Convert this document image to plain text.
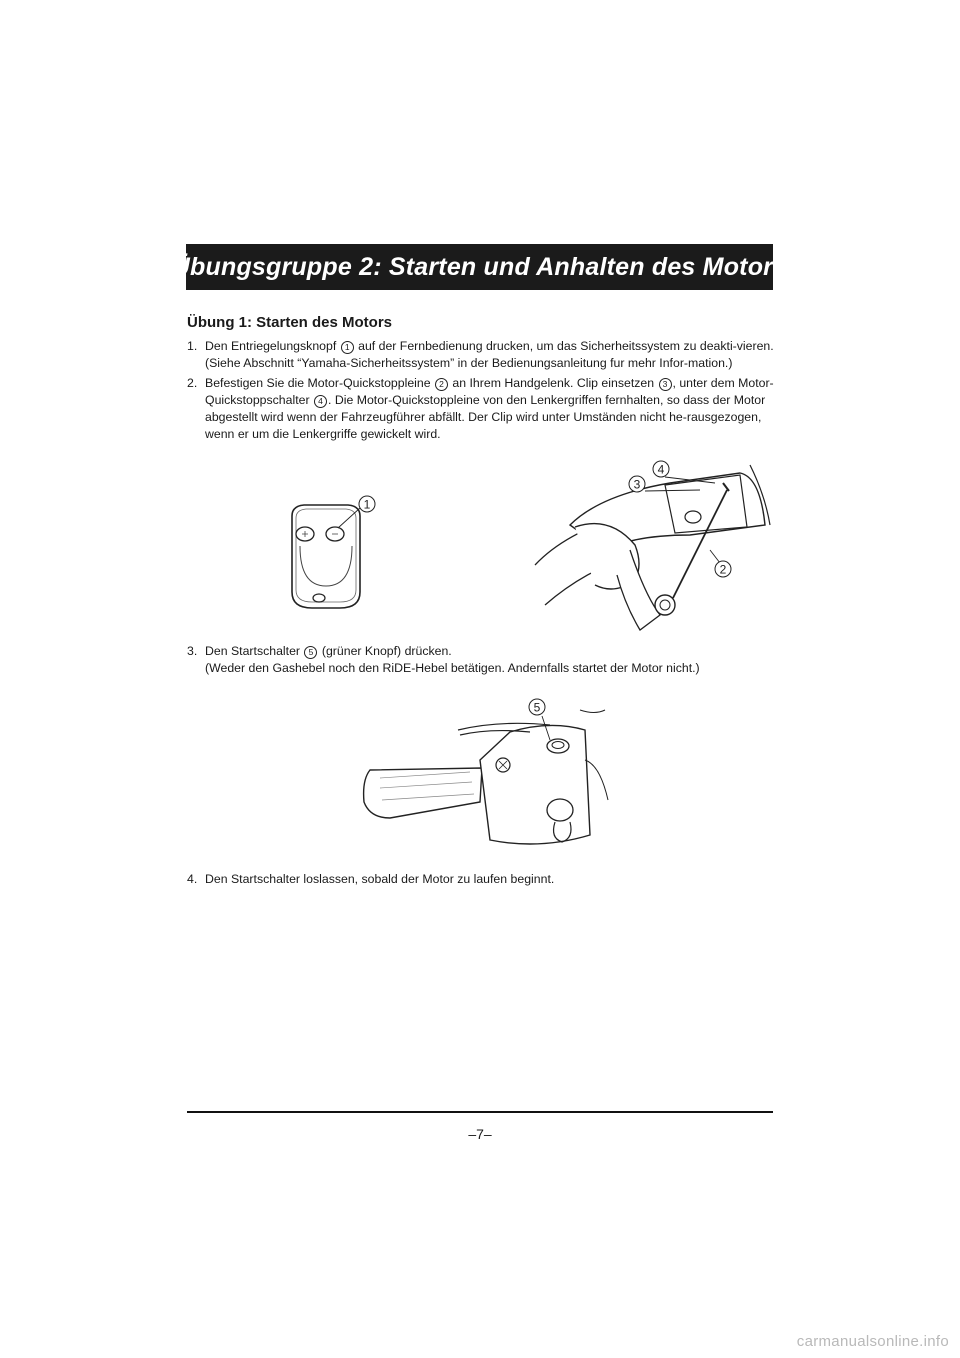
Übungsgruppe 2: Starten und Anhalten des Motors
Übung 1: Starten des Motors
1. Den Entriegelungsknopf 1 auf der Fernbedienung drucken, um das Sicherheitssystem zu deakti-vieren. (Siehe Abschnitt “Yamaha-Sicherheitssystem” in der Bedienungsanleitung fur mehr Infor-mation.)
2. Befestigen Sie die Motor-Quickstoppleine 2 an Ihrem Handgelenk. Clip einsetzen 3 , unter dem Motor-Quickstoppschalter 4 . Die Motor-Quickstoppleine von den Lenkergriffen fernhalten, so dass der Motor abgestellt wird wenn der Fahrzeugführer abfällt. Der Clip wird unter Umständen nicht he-rausgezogen, wenn er um die Lenkergriffe gewickelt wird.
1
3
4
2
3. Den Startschalter 5 (grüner Knopf) drücken.
(Weder den Gashebel noch den RiDE-Hebel betätigen. Andernfalls startet der Motor nicht.)
5
4. Den Startschalter loslassen, sobald der Motor zu laufen beginnt.
–7–
carmanualsonline.info
